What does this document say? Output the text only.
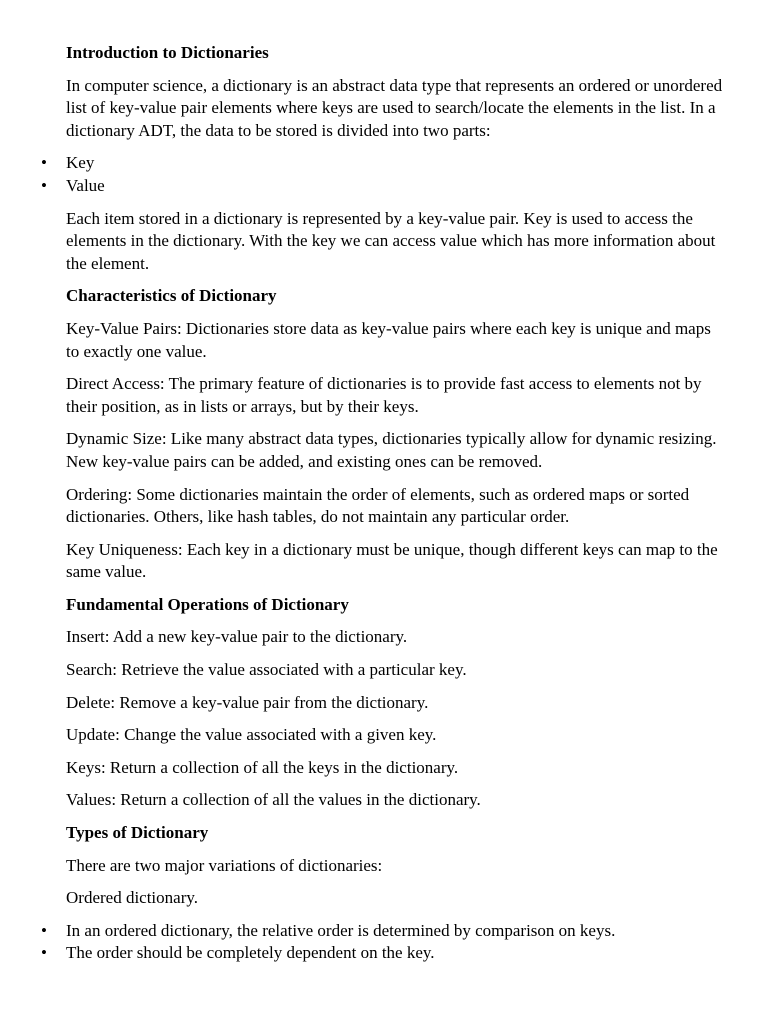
Introduction to Dictionaries

In computer science, a dictionary is an abstract data type that represents an ordered or unordered list of key-value pair elements where keys are used to search/locate the elements in the list. In a dictionary ADT, the data to be stored is divided into two parts:

• Key
• Value

Each item stored in a dictionary is represented by a key-value pair. Key is used to access the elements in the dictionary. With the key we can access value which has more information about the element.

Characteristics of Dictionary

Key-Value Pairs: Dictionaries store data as key-value pairs where each key is unique and maps to exactly one value.

Direct Access: The primary feature of dictionaries is to provide fast access to elements not by their position, as in lists or arrays, but by their keys.

Dynamic Size: Like many abstract data types, dictionaries typically allow for dynamic resizing. New key-value pairs can be added, and existing ones can be removed.

Ordering: Some dictionaries maintain the order of elements, such as ordered maps or sorted dictionaries. Others, like hash tables, do not maintain any particular order.

Key Uniqueness: Each key in a dictionary must be unique, though different keys can map to the same value.

Fundamental Operations of Dictionary

Insert: Add a new key-value pair to the dictionary.

Search: Retrieve the value associated with a particular key.

Delete: Remove a key-value pair from the dictionary.

Update: Change the value associated with a given key.

Keys: Return a collection of all the keys in the dictionary.

Values: Return a collection of all the values in the dictionary.

Types of Dictionary

There are two major variations of dictionaries:

Ordered dictionary.

• In an ordered dictionary, the relative order is determined by comparison on keys.
• The order should be completely dependent on the key.
